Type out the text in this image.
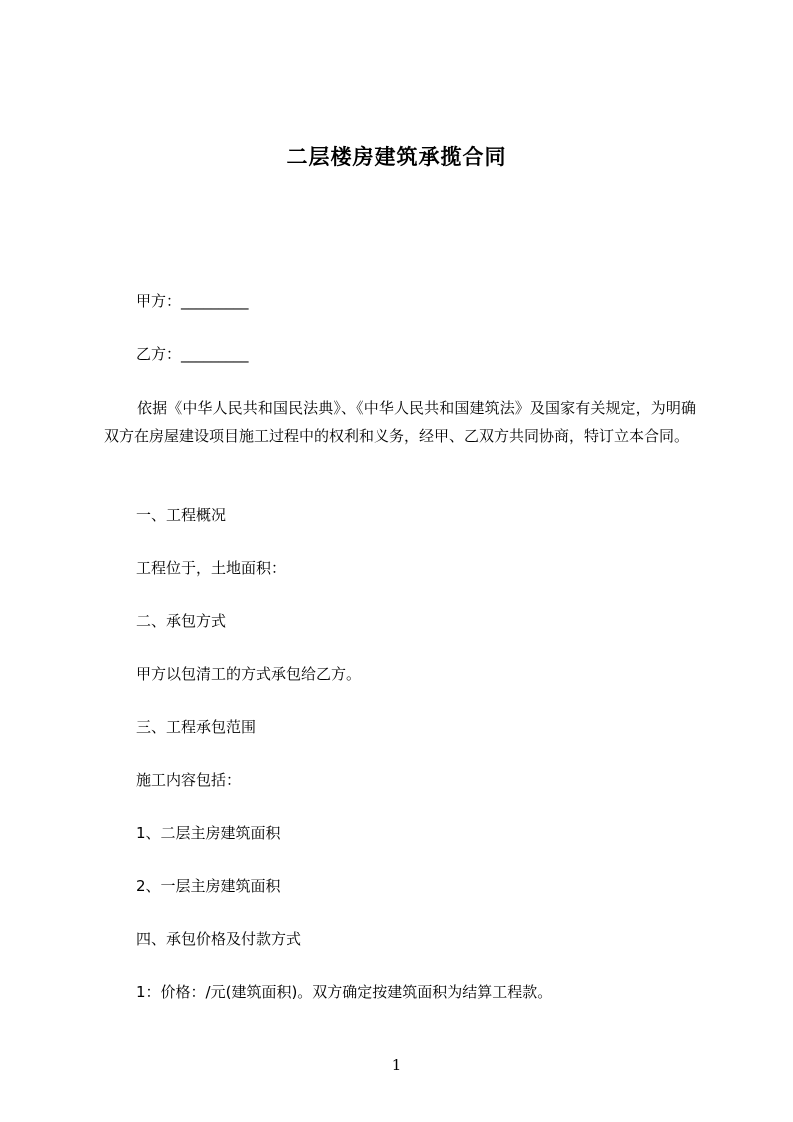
二层楼房建筑承揽合同
甲方：_________
乙方：_________
依据《中华人民共和国民法典》、《中华人民共和国建筑法》及国家有关规定，为明确双方在房屋建设项目施工过程中的权利和义务，经甲、乙双方共同协商，特订立本合同。
一、工程概况
工程位于，土地面积：
二、承包方式
甲方以包清工的方式承包给乙方。
三、工程承包范围
施工内容包括：
1、二层主房建筑面积
2、一层主房建筑面积
四、承包价格及付款方式
1：价格：/元(建筑面积)。双方确定按建筑面积为结算工程款。
1
